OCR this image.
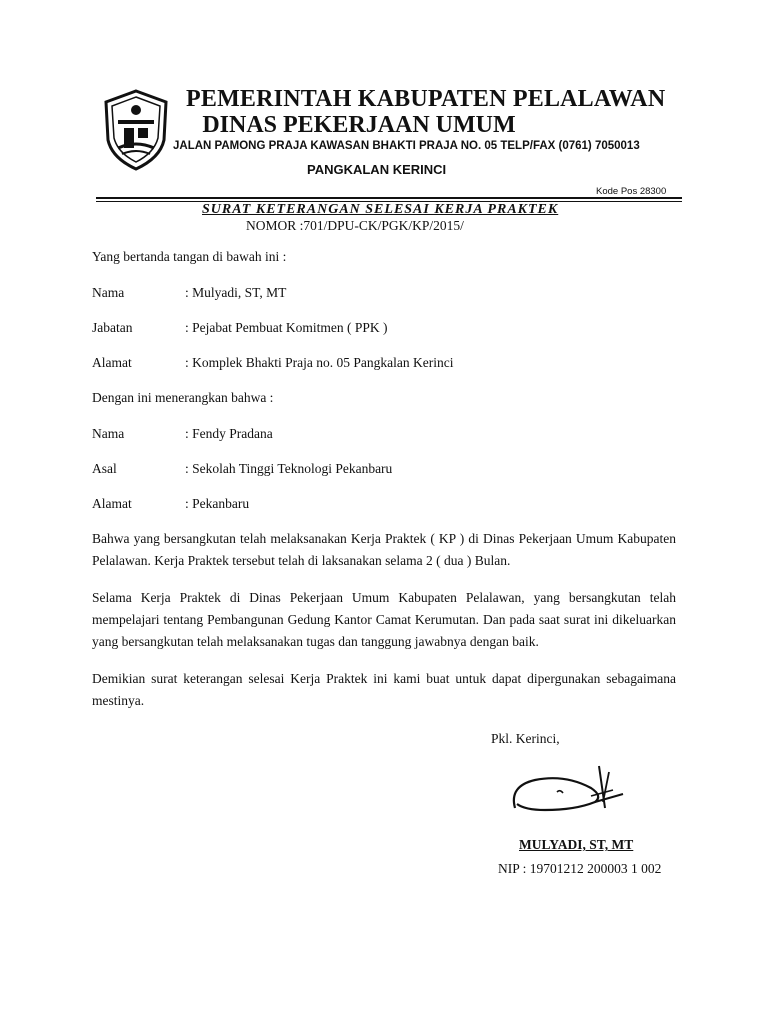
PEMERINTAH KABUPATEN PELALAWAN
DINAS PEKERJAAN UMUM
JALAN PAMONG PRAJA KAWASAN BHAKTI PRAJA NO. 05 TELP/FAX (0761) 7050013
PANGKALAN KERINCI
Kode Pos 28300
SURAT KETERANGAN SELESAI KERJA PRAKTEK
NOMOR :701/DPU-CK/PGK/KP/2015/
Yang bertanda tangan di bawah ini :
Nama	: Mulyadi, ST, MT
Jabatan	: Pejabat Pembuat Komitmen ( PPK )
Alamat	: Komplek Bhakti Praja no. 05 Pangkalan Kerinci
Dengan ini menerangkan bahwa :
Nama	: Fendy Pradana
Asal	: Sekolah Tinggi Teknologi Pekanbaru
Alamat	: Pekanbaru
Bahwa yang bersangkutan telah melaksanakan Kerja Praktek ( KP ) di Dinas Pekerjaan Umum Kabupaten Pelalawan. Kerja Praktek tersebut telah di laksanakan selama 2 ( dua ) Bulan.
Selama Kerja Praktek di Dinas Pekerjaan Umum Kabupaten Pelalawan, yang bersangkutan telah mempelajari tentang Pembangunan Gedung Kantor Camat Kerumutan. Dan pada saat surat ini dikeluarkan yang bersangkutan telah melaksanakan tugas dan tanggung jawabnya dengan baik.
Demikian surat keterangan selesai Kerja Praktek ini kami buat untuk dapat dipergunakan sebagaimana mestinya.
Pkl. Kerinci,
MULYADI, ST, MT
NIP : 19701212 200003 1 002
